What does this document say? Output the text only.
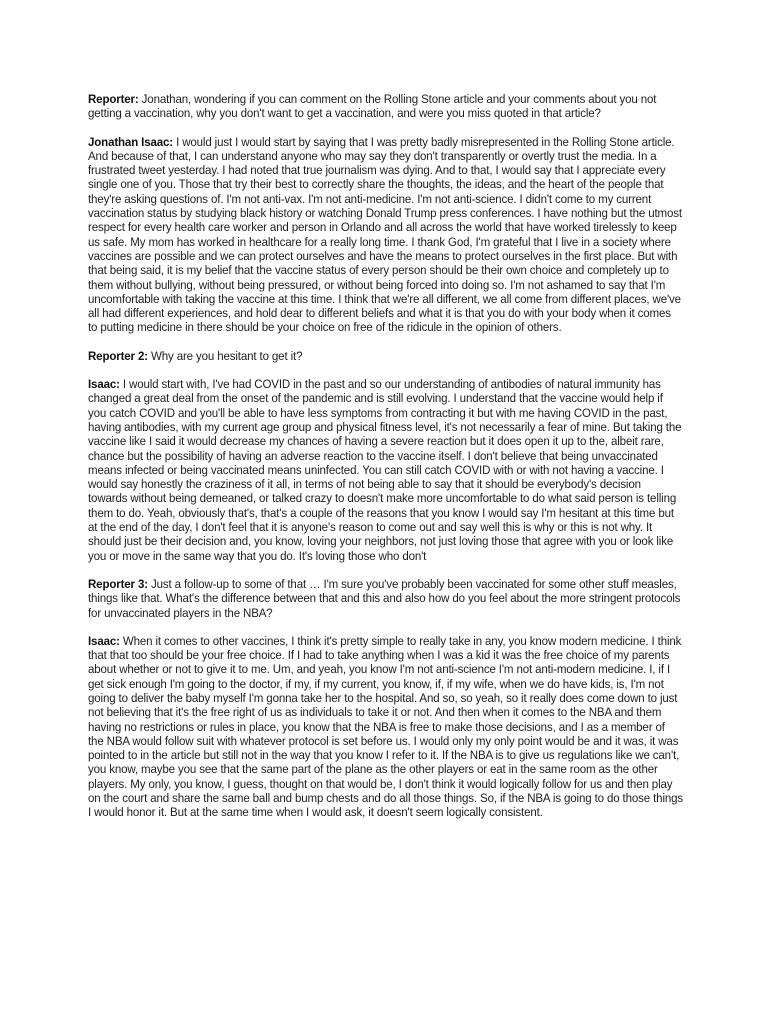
Reporter: Jonathan, wondering if you can comment on the Rolling Stone article and your comments about you not getting a vaccination, why you don't want to get a vaccination, and were you miss quoted in that article?

Jonathan Isaac: I would just I would start by saying that I was pretty badly misrepresented in the Rolling Stone article. And because of that, I can understand anyone who may say they don't transparently or overtly trust the media. In a frustrated tweet yesterday. I had noted that true journalism was dying. And to that, I would say that I appreciate every single one of you. Those that try their best to correctly share the thoughts, the ideas, and the heart of the people that they're asking questions of. I'm not anti-vax. I'm not anti-medicine. I'm not anti-science. I didn't come to my current vaccination status by studying black history or watching Donald Trump press conferences. I have nothing but the utmost respect for every health care worker and person in Orlando and all across the world that have worked tirelessly to keep us safe. My mom has worked in healthcare for a really long time. I thank God, I'm grateful that I live in a society where vaccines are possible and we can protect ourselves and have the means to protect ourselves in the first place. But with that being said, it is my belief that the vaccine status of every person should be their own choice and completely up to them without bullying, without being pressured, or without being forced into doing so. I'm not ashamed to say that I'm uncomfortable with taking the vaccine at this time. I think that we're all different, we all come from different places, we've all had different experiences, and hold dear to different beliefs and what it is that you do with your body when it comes to putting medicine in there should be your choice on free of the ridicule in the opinion of others.

Reporter 2: Why are you hesitant to get it?

Isaac: I would start with, I've had COVID in the past and so our understanding of antibodies of natural immunity has changed a great deal from the onset of the pandemic and is still evolving. I understand that the vaccine would help if you catch COVID and you'll be able to have less symptoms from contracting it but with me having COVID in the past, having antibodies, with my current age group and physical fitness level, it's not necessarily a fear of mine. But taking the vaccine like I said it would decrease my chances of having a severe reaction but it does open it up to the, albeit rare, chance but the possibility of having an adverse reaction to the vaccine itself. I don't believe that being unvaccinated means infected or being vaccinated means uninfected. You can still catch COVID with or with not having a vaccine. I would say honestly the craziness of it all, in terms of not being able to say that it should be everybody's decision towards without being demeaned, or talked crazy to doesn't make more uncomfortable to do what said person is telling them to do. Yeah, obviously that's, that's a couple of the reasons that you know I would say I'm hesitant at this time but at the end of the day, I don't feel that it is anyone's reason to come out and say well this is why or this is not why. It should just be their decision and, you know, loving your neighbors, not just loving those that agree with you or look like you or move in the same way that you do. It's loving those who don't

Reporter 3: Just a follow-up to some of that … I'm sure you've probably been vaccinated for some other stuff measles, things like that. What's the difference between that and this and also how do you feel about the more stringent protocols for unvaccinated players in the NBA?

Isaac: When it comes to other vaccines, I think it's pretty simple to really take in any, you know modern medicine. I think that that too should be your free choice. If I had to take anything when I was a kid it was the free choice of my parents about whether or not to give it to me. Um, and yeah, you know I'm not anti-science I'm not anti-modern medicine. I, if I get sick enough I'm going to the doctor, if my, if my current, you know, if, if my wife, when we do have kids, is, I'm not going to deliver the baby myself I'm gonna take her to the hospital. And so, so yeah, so it really does come down to just not believing that it's the free right of us as individuals to take it or not. And then when it comes to the NBA and them having no restrictions or rules in place, you know that the NBA is free to make those decisions, and I as a member of the NBA would follow suit with whatever protocol is set before us. I would only my only point would be and it was, it was pointed to in the article but still not in the way that you know I refer to it. If the NBA is to give us regulations like we can't, you know, maybe you see that the same part of the plane as the other players or eat in the same room as the other players. My only, you know, I guess, thought on that would be, I don't think it would logically follow for us and then play on the court and share the same ball and bump chests and do all those things. So, if the NBA is going to do those things I would honor it. But at the same time when I would ask, it doesn't seem logically consistent.
